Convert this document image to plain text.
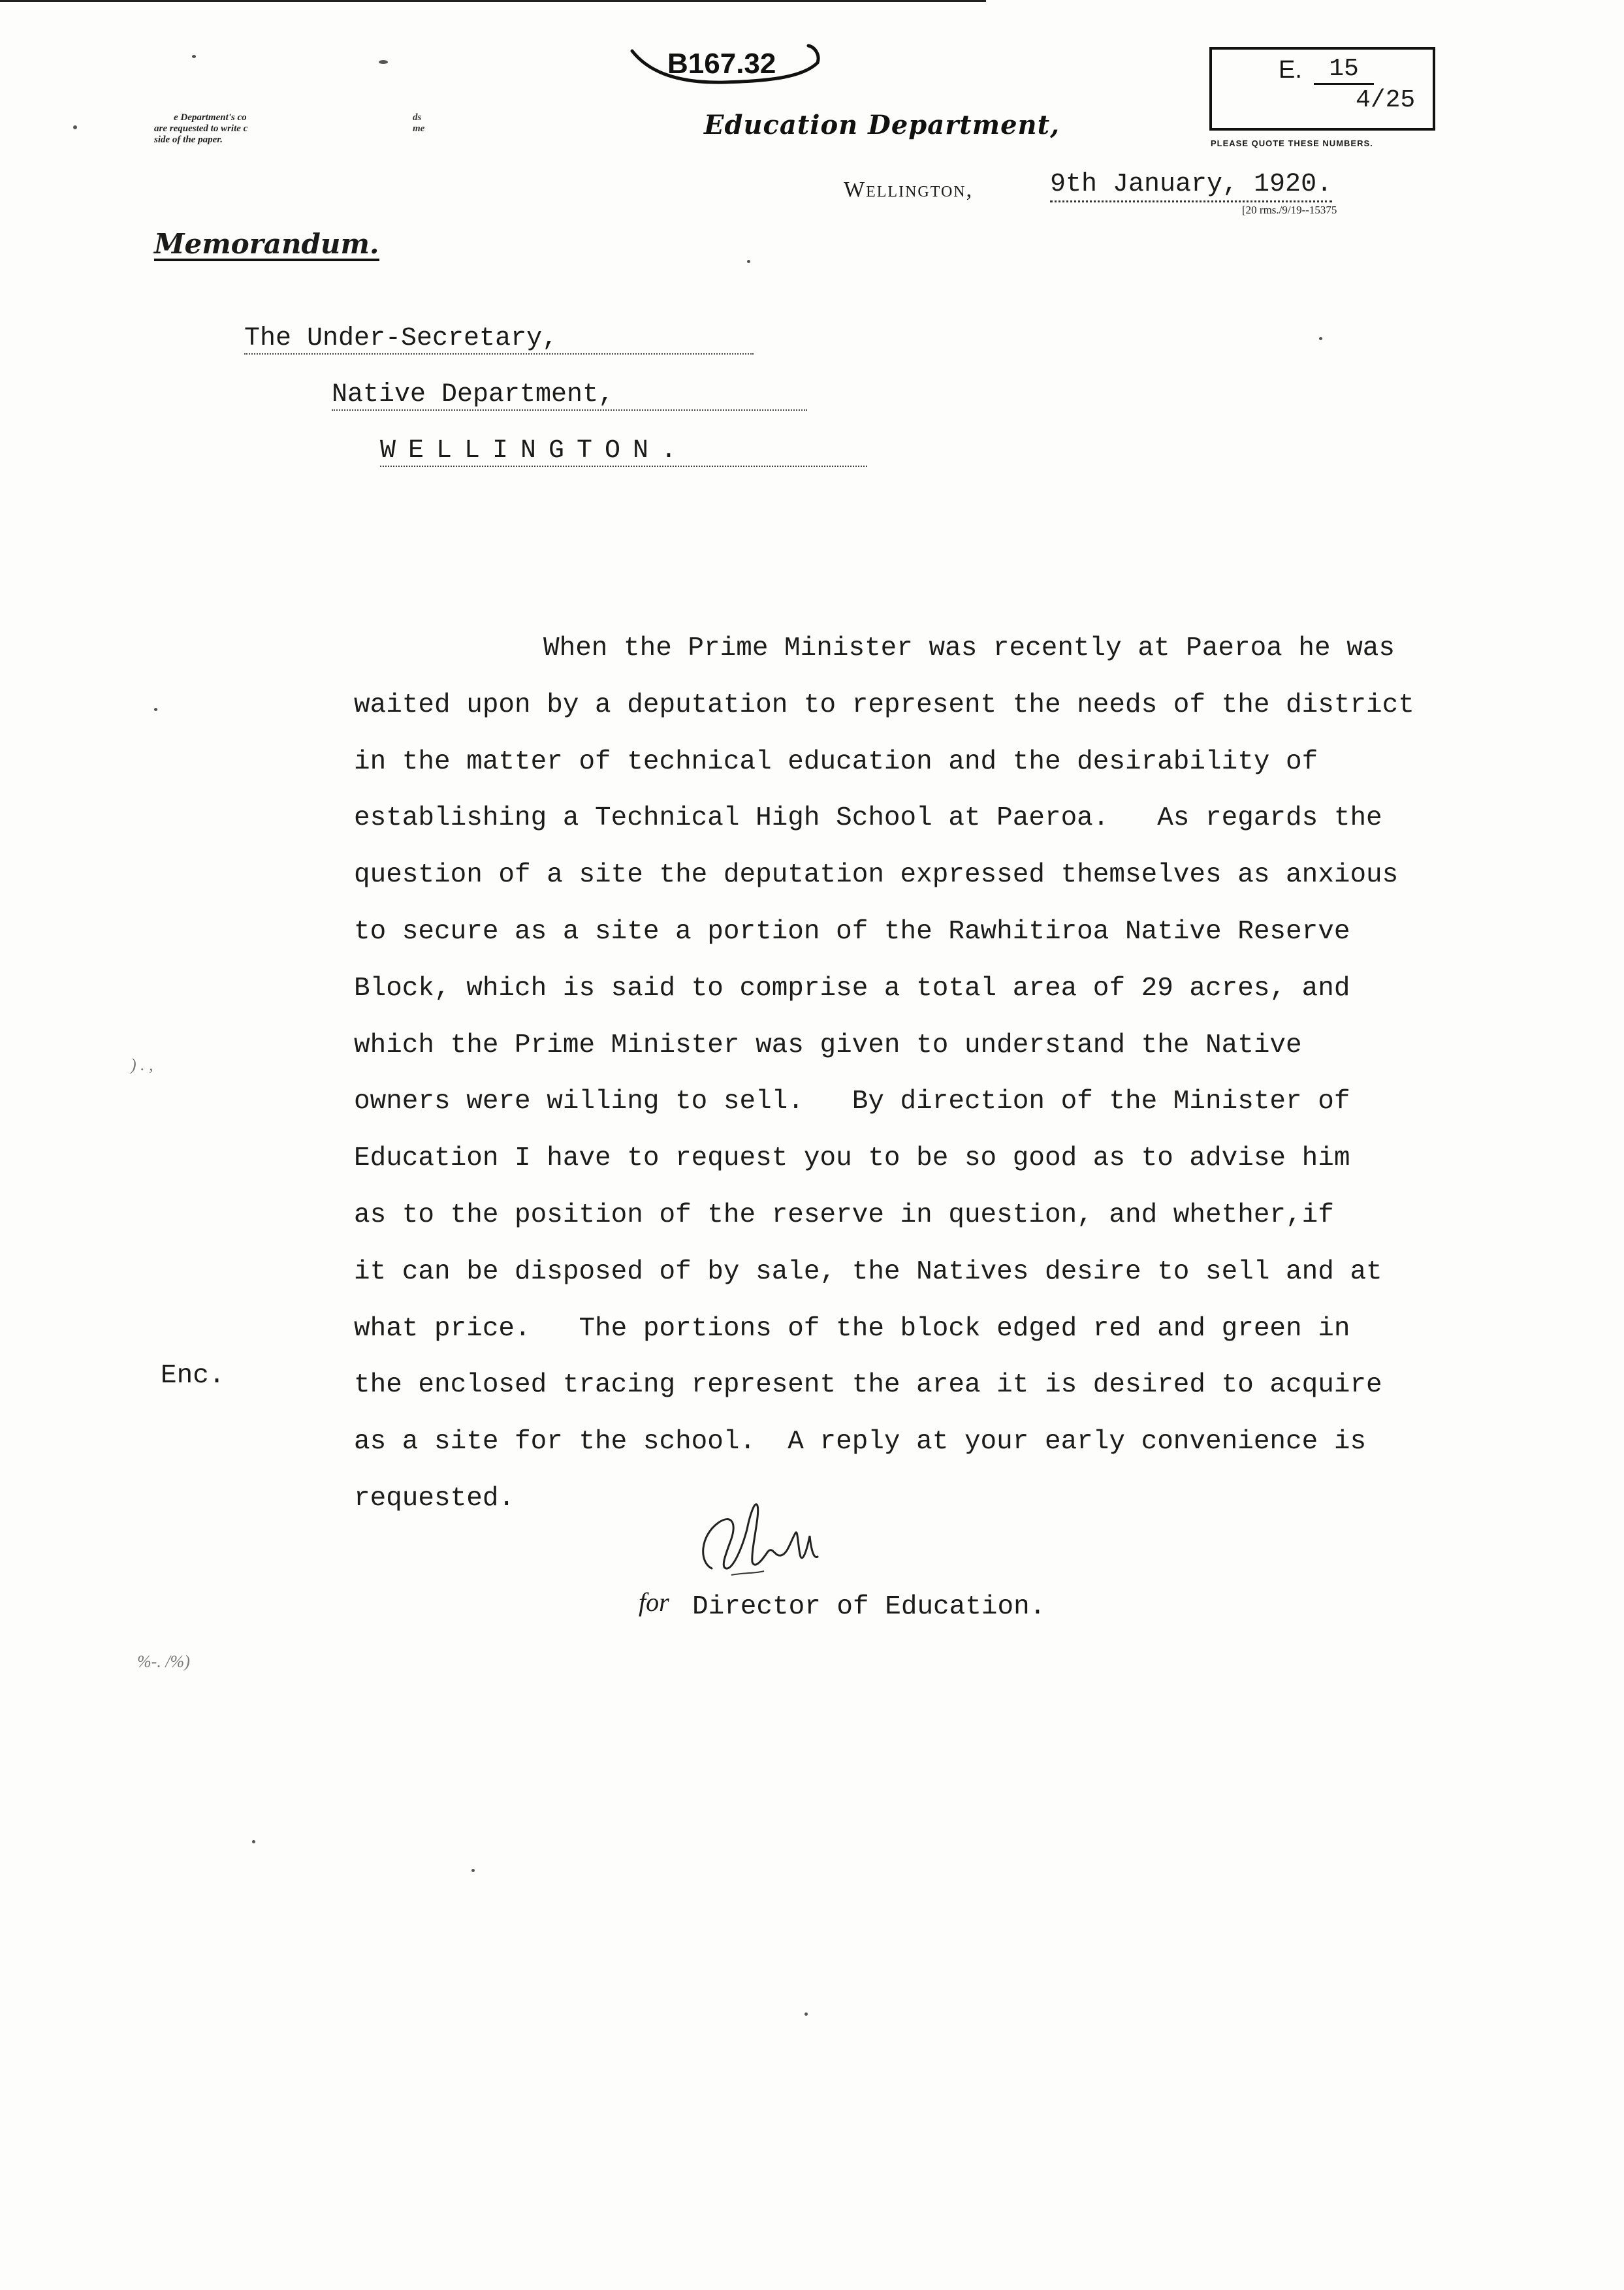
) . ,
%-. /%)
e Department's co
are requested to write c
side of the paper.
ds
me
B167.32
Education Department,
E.	15
4/25
PLEASE QUOTE THESE NUMBERS.
Wellington,	9th January, 1920.
[20 rms./9/19--15375
Memorandum.
The Under-Secretary,
Native Department,
WELLINGTON.
When the Prime Minister was recently at Paeroa he was
waited upon by a deputation to represent the needs of the district
in the matter of technical education and the desirability of
establishing a Technical High School at Paeroa.   As regards the
question of a site the deputation expressed themselves as anxious
to secure as a site a portion of the Rawhitiroa Native Reserve
Block, which is said to comprise a total area of 29 acres, and
which the Prime Minister was given to understand the Native
owners were willing to sell.   By direction of the Minister of
Education I have to request you to be so good as to advise him
as to the position of the reserve in question, and whether,if
it can be disposed of by sale, the Natives desire to sell and at
what price.   The portions of the block edged red and green in
the enclosed tracing represent the area it is desired to acquire
as a site for the school.  A reply at your early convenience is
requested.
Enc.
for Director of Education.
